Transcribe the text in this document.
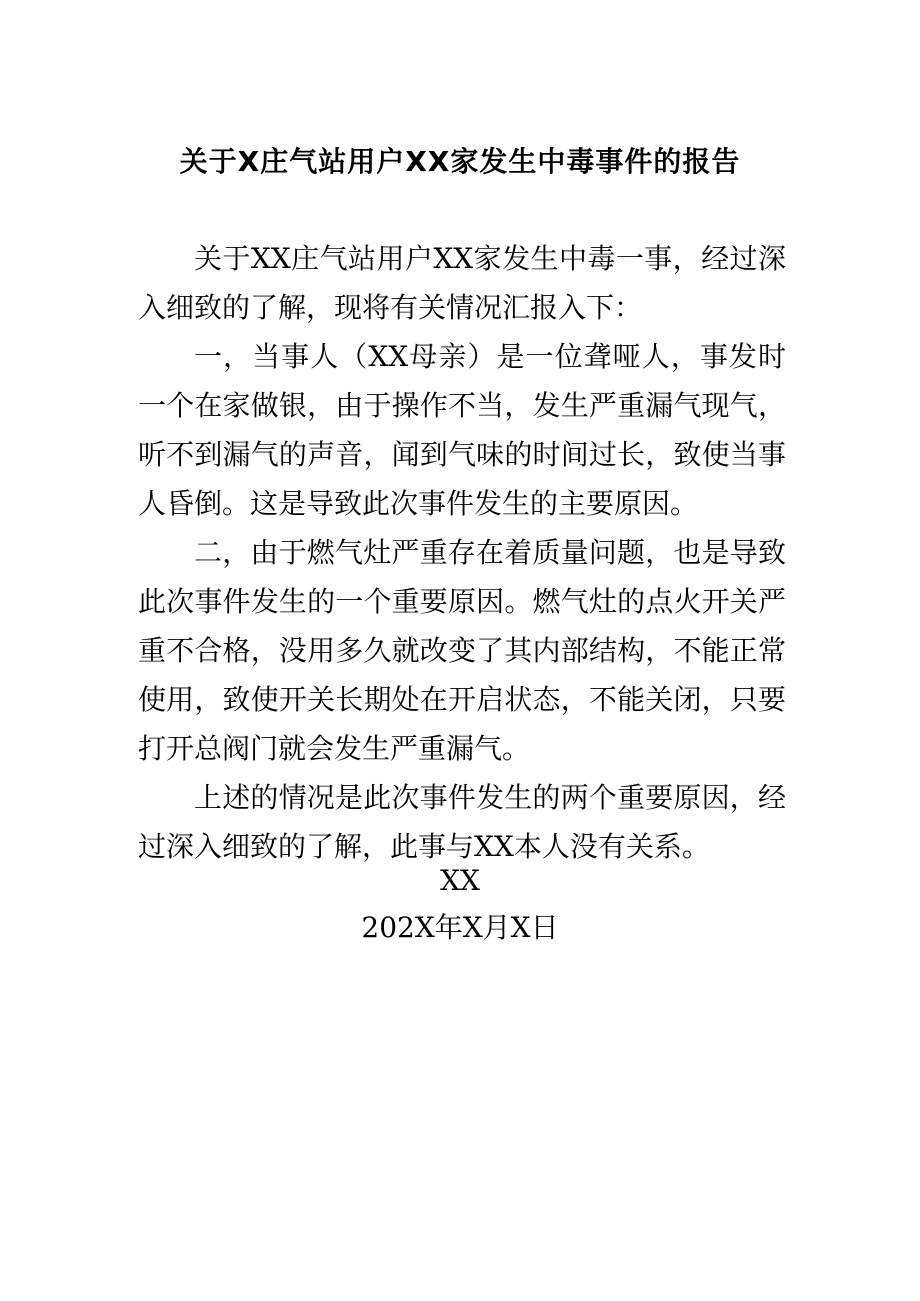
关于X庄气站用户XX家发生中毒事件的报告

关于XX庄气站用户XX家发生中毒一事，经过深入细致的了解，现将有关情况汇报入下：

一，当事人（XX母亲）是一位聋哑人，事发时一个在家做银，由于操作不当，发生严重漏气现气，听不到漏气的声音，闻到气味的时间过长，致使当事人昏倒。这是导致此次事件发生的主要原因。

二，由于燃气灶严重存在着质量问题，也是导致此次事件发生的一个重要原因。燃气灶的点火开关严重不合格，没用多久就改变了其内部结构，不能正常使用，致使开关长期处在开启状态，不能关闭，只要打开总阀门就会发生严重漏气。

上述的情况是此次事件发生的两个重要原因，经过深入细致的了解，此事与XX本人没有关系。

XX
202X年X月X日
